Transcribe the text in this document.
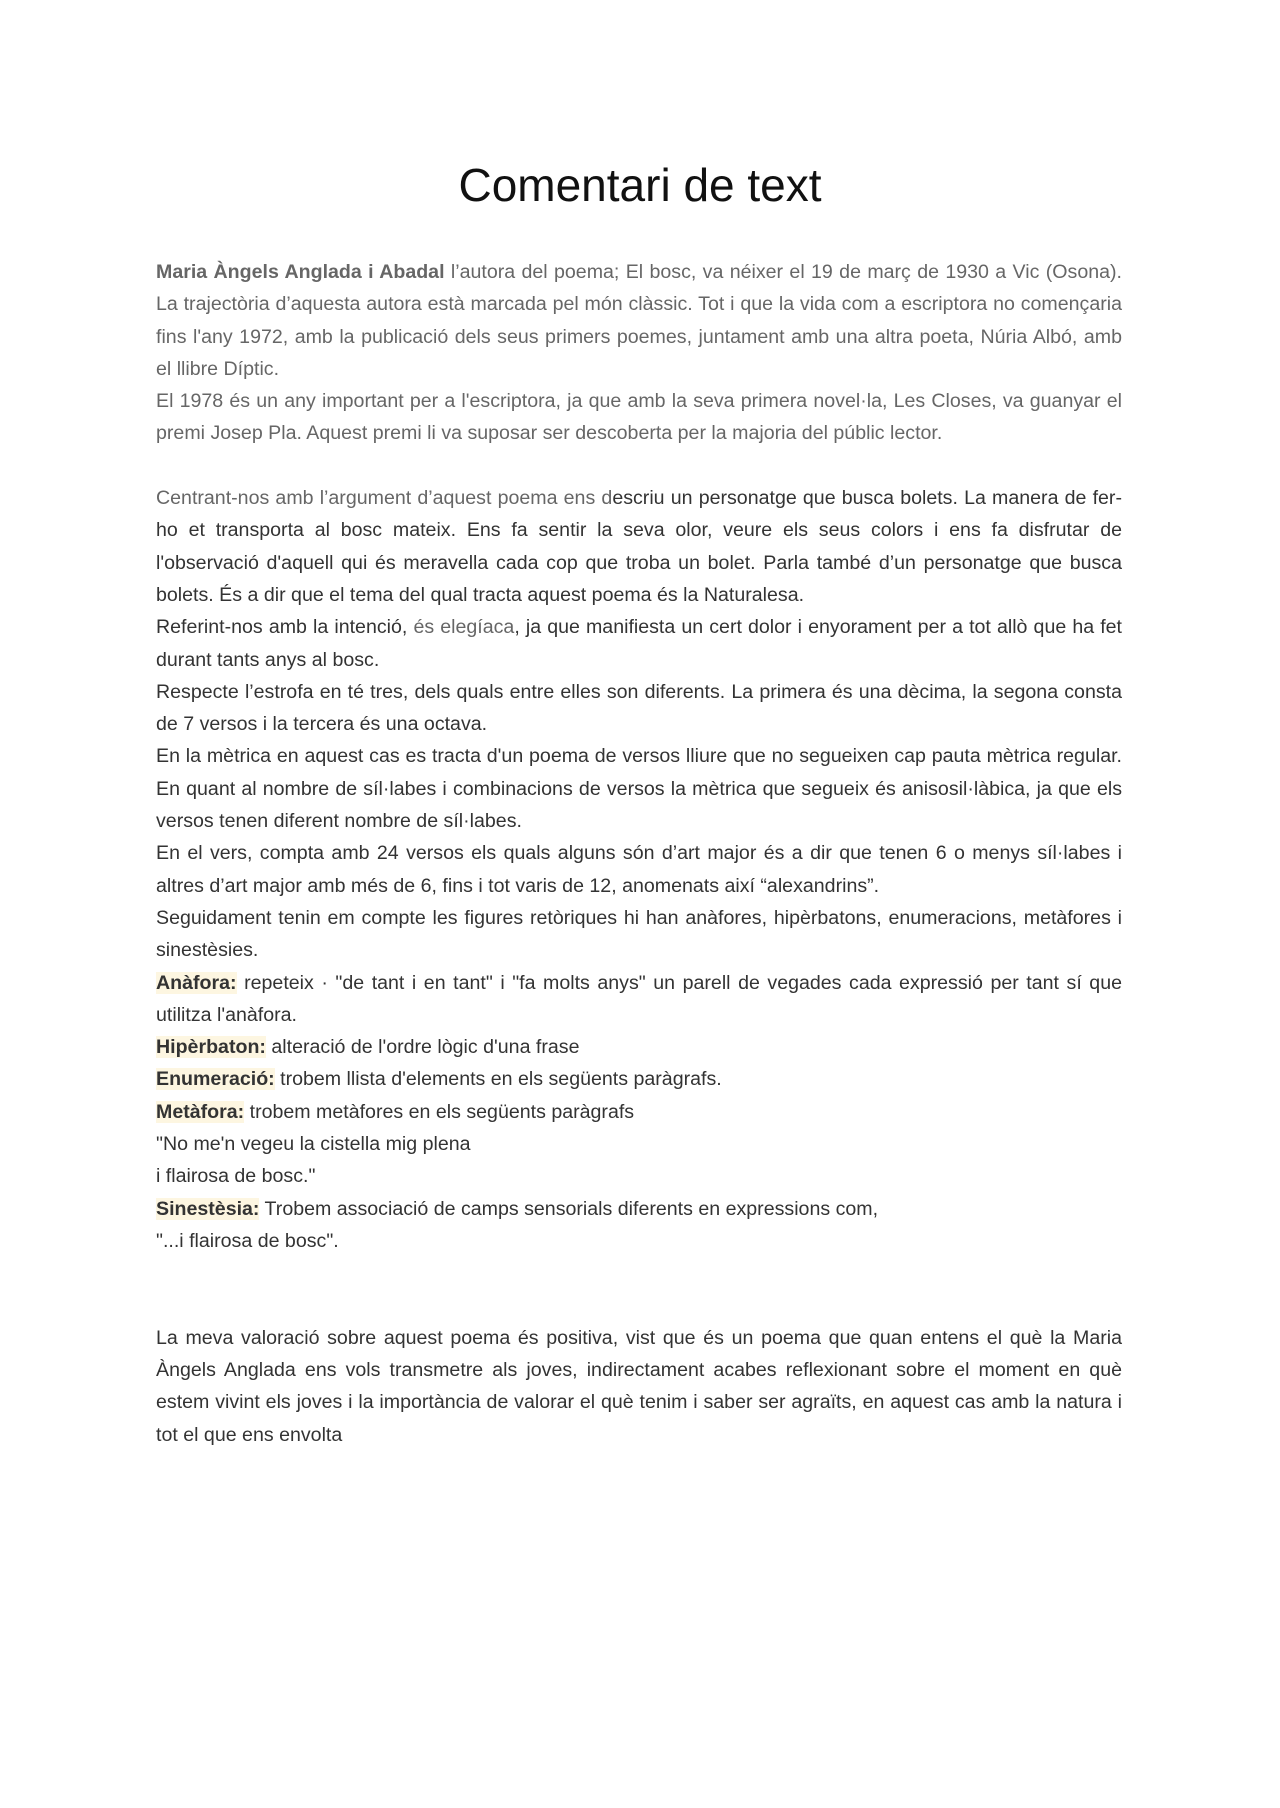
Comentari de text

Maria Àngels Anglada i Abadal l’autora del poema; El bosc, va néixer el 19 de març de 1930 a Vic (Osona). La trajectòria d’aquesta autora està marcada pel món clàssic. Tot i que la vida com a escriptora no començaria fins l'any 1972, amb la publicació dels seus primers poemes, juntament amb una altra poeta, Núria Albó, amb el llibre Díptic.

El 1978 és un any important per a l'escriptora, ja que amb la seva primera novel·la, Les Closes, va guanyar el premi Josep Pla. Aquest premi li va suposar ser descoberta per la majoria del públic lector.

Centrant-nos amb l’argument d’aquest poema ens descriu un personatge que busca bolets. La manera de fer-ho et transporta al bosc mateix. Ens fa sentir la seva olor, veure els seus colors i ens fa disfrutar de l'observació d'aquell qui és meravella cada cop que troba un bolet. Parla també d’un personatge que busca bolets. És a dir que el tema del qual tracta aquest poema és la Naturalesa.

Referint-nos amb la intenció, és elegíaca, ja que manifiesta un cert dolor i enyorament per a tot allò que ha fet durant tants anys al bosc.

Respecte l’estrofa en té tres, dels quals entre elles son diferents. La primera és una dècima, la segona consta de 7 versos i la tercera és una octava.

En la mètrica en aquest cas es tracta d'un poema de versos lliure que no segueixen cap pauta mètrica regular. En quant al nombre de síl·labes i combinacions de versos la mètrica que segueix és anisosil·làbica, ja que els versos tenen diferent nombre de síl·labes.

En el vers, compta amb 24 versos els quals alguns són d’art major és a dir que tenen 6 o menys síl·labes i altres d’art major amb més de 6, fins i tot varis de 12, anomenats així “alexandrins”.

Seguidament tenin em compte les figures retòriques hi han anàfores, hipèrbatons, enumeracions, metàfores i sinestèsies.

Anàfora: repeteix · "de tant i en tant" i "fa molts anys" un parell de vegades cada expressió per tant sí que utilitza l'anàfora.

Hipèrbaton: alteració de l'ordre lògic d'una frase

Enumeració: trobem llista d'elements en els següents paràgrafs.

Metàfora: trobem metàfores en els següents paràgrafs

"No me'n vegeu la cistella mig plena

i flairosa de bosc."

Sinestèsia: Trobem associació de camps sensorials diferents en expressions com,

"...i flairosa de bosc".

La meva valoració sobre aquest poema és positiva, vist que és un poema que quan entens el què la Maria Àngels Anglada ens vols transmetre als joves, indirectament acabes reflexionant sobre el moment en què estem vivint els joves i la importància de valorar el què tenim i saber ser agraïts, en aquest cas amb la natura i tot el que ens envolta
